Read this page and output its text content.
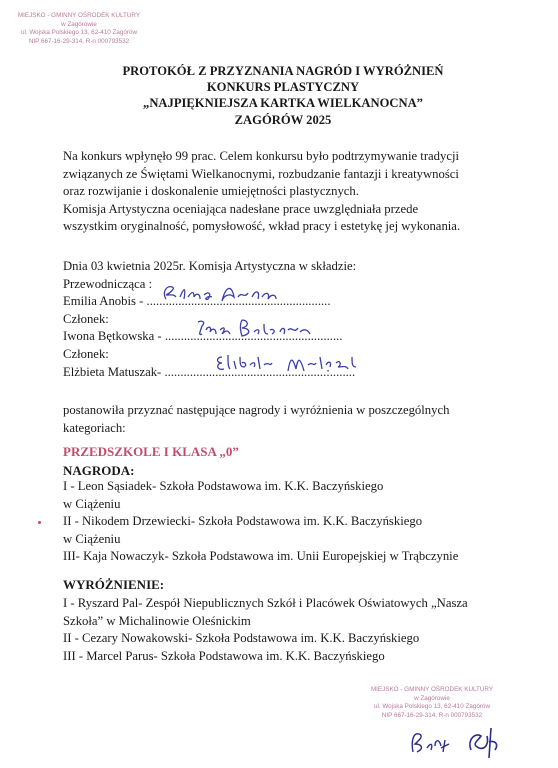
MIEJSKO - GMINNY OŚRODEK KULTURY
w Zagórowie
ul. Wojska Polskiego 13, 62-410 Zagórów
NIP 667-16-29-314, R-n 000793532
PROTOKÓŁ Z PRZYZNANIA NAGRÓD I WYRÓŻNIEŃ
KONKURS PLASTYCZNY
„NAJPIĘKNIEJSZA KARTKA WIELKANOCNA”
ZAGÓRÓW 2025
Na konkurs wpłynęło 99 prac. Celem konkursu było podtrzymywanie tradycji
związanych ze Świętami Wielkanocnymi, rozbudzanie fantazji i kreatywności
oraz rozwijanie i doskonalenie umiejętności plastycznych.
Komisja Artystyczna oceniająca nadesłane prace uwzględniała przede
wszystkim oryginalność, pomysłowość, wkład pracy i estetykę jej wykonania.
Dnia 03 kwietnia 2025r. Komisja Artystyczna w składzie:
Przewodnicząca :
Emilia Anobis - ..........................................................
Członek:
Iwona Bętkowska - ........................................................
Członek:
Elżbieta Matuszak- ...................................................:........
postanowiła przyznać następujące nagrody i wyróżnienia w poszczególnych
kategoriach:
PRZEDSZKOLE I KLASA „0”
NAGRODA:
I - Leon Sąsiadek- Szkoła Podstawowa im. K.K. Baczyńskiego
w Ciążeniu
II - Nikodem Drzewiecki- Szkoła Podstawowa im. K.K. Baczyńskiego
w Ciążeniu
III- Kaja Nowaczyk- Szkoła Podstawowa im. Unii Europejskiej w Trąbczynie
WYRÓŻNIENIE:
I - Ryszard Pal- Zespół Niepublicznych Szkół i Placówek Oświatowych „Nasza
Szkoła” w Michalinowie Oleśnickim
II - Cezary Nowakowski- Szkoła Podstawowa im. K.K. Baczyńskiego
III - Marcel Parus- Szkoła Podstawowa im. K.K. Baczyńskiego
MIEJSKO - GMINNY OŚRODEK KULTURY
w Zagórowie
ul. Wojska Polskiego 13, 62-410 Zagórów
NIP 667-16-29-314, R-n 000793532
